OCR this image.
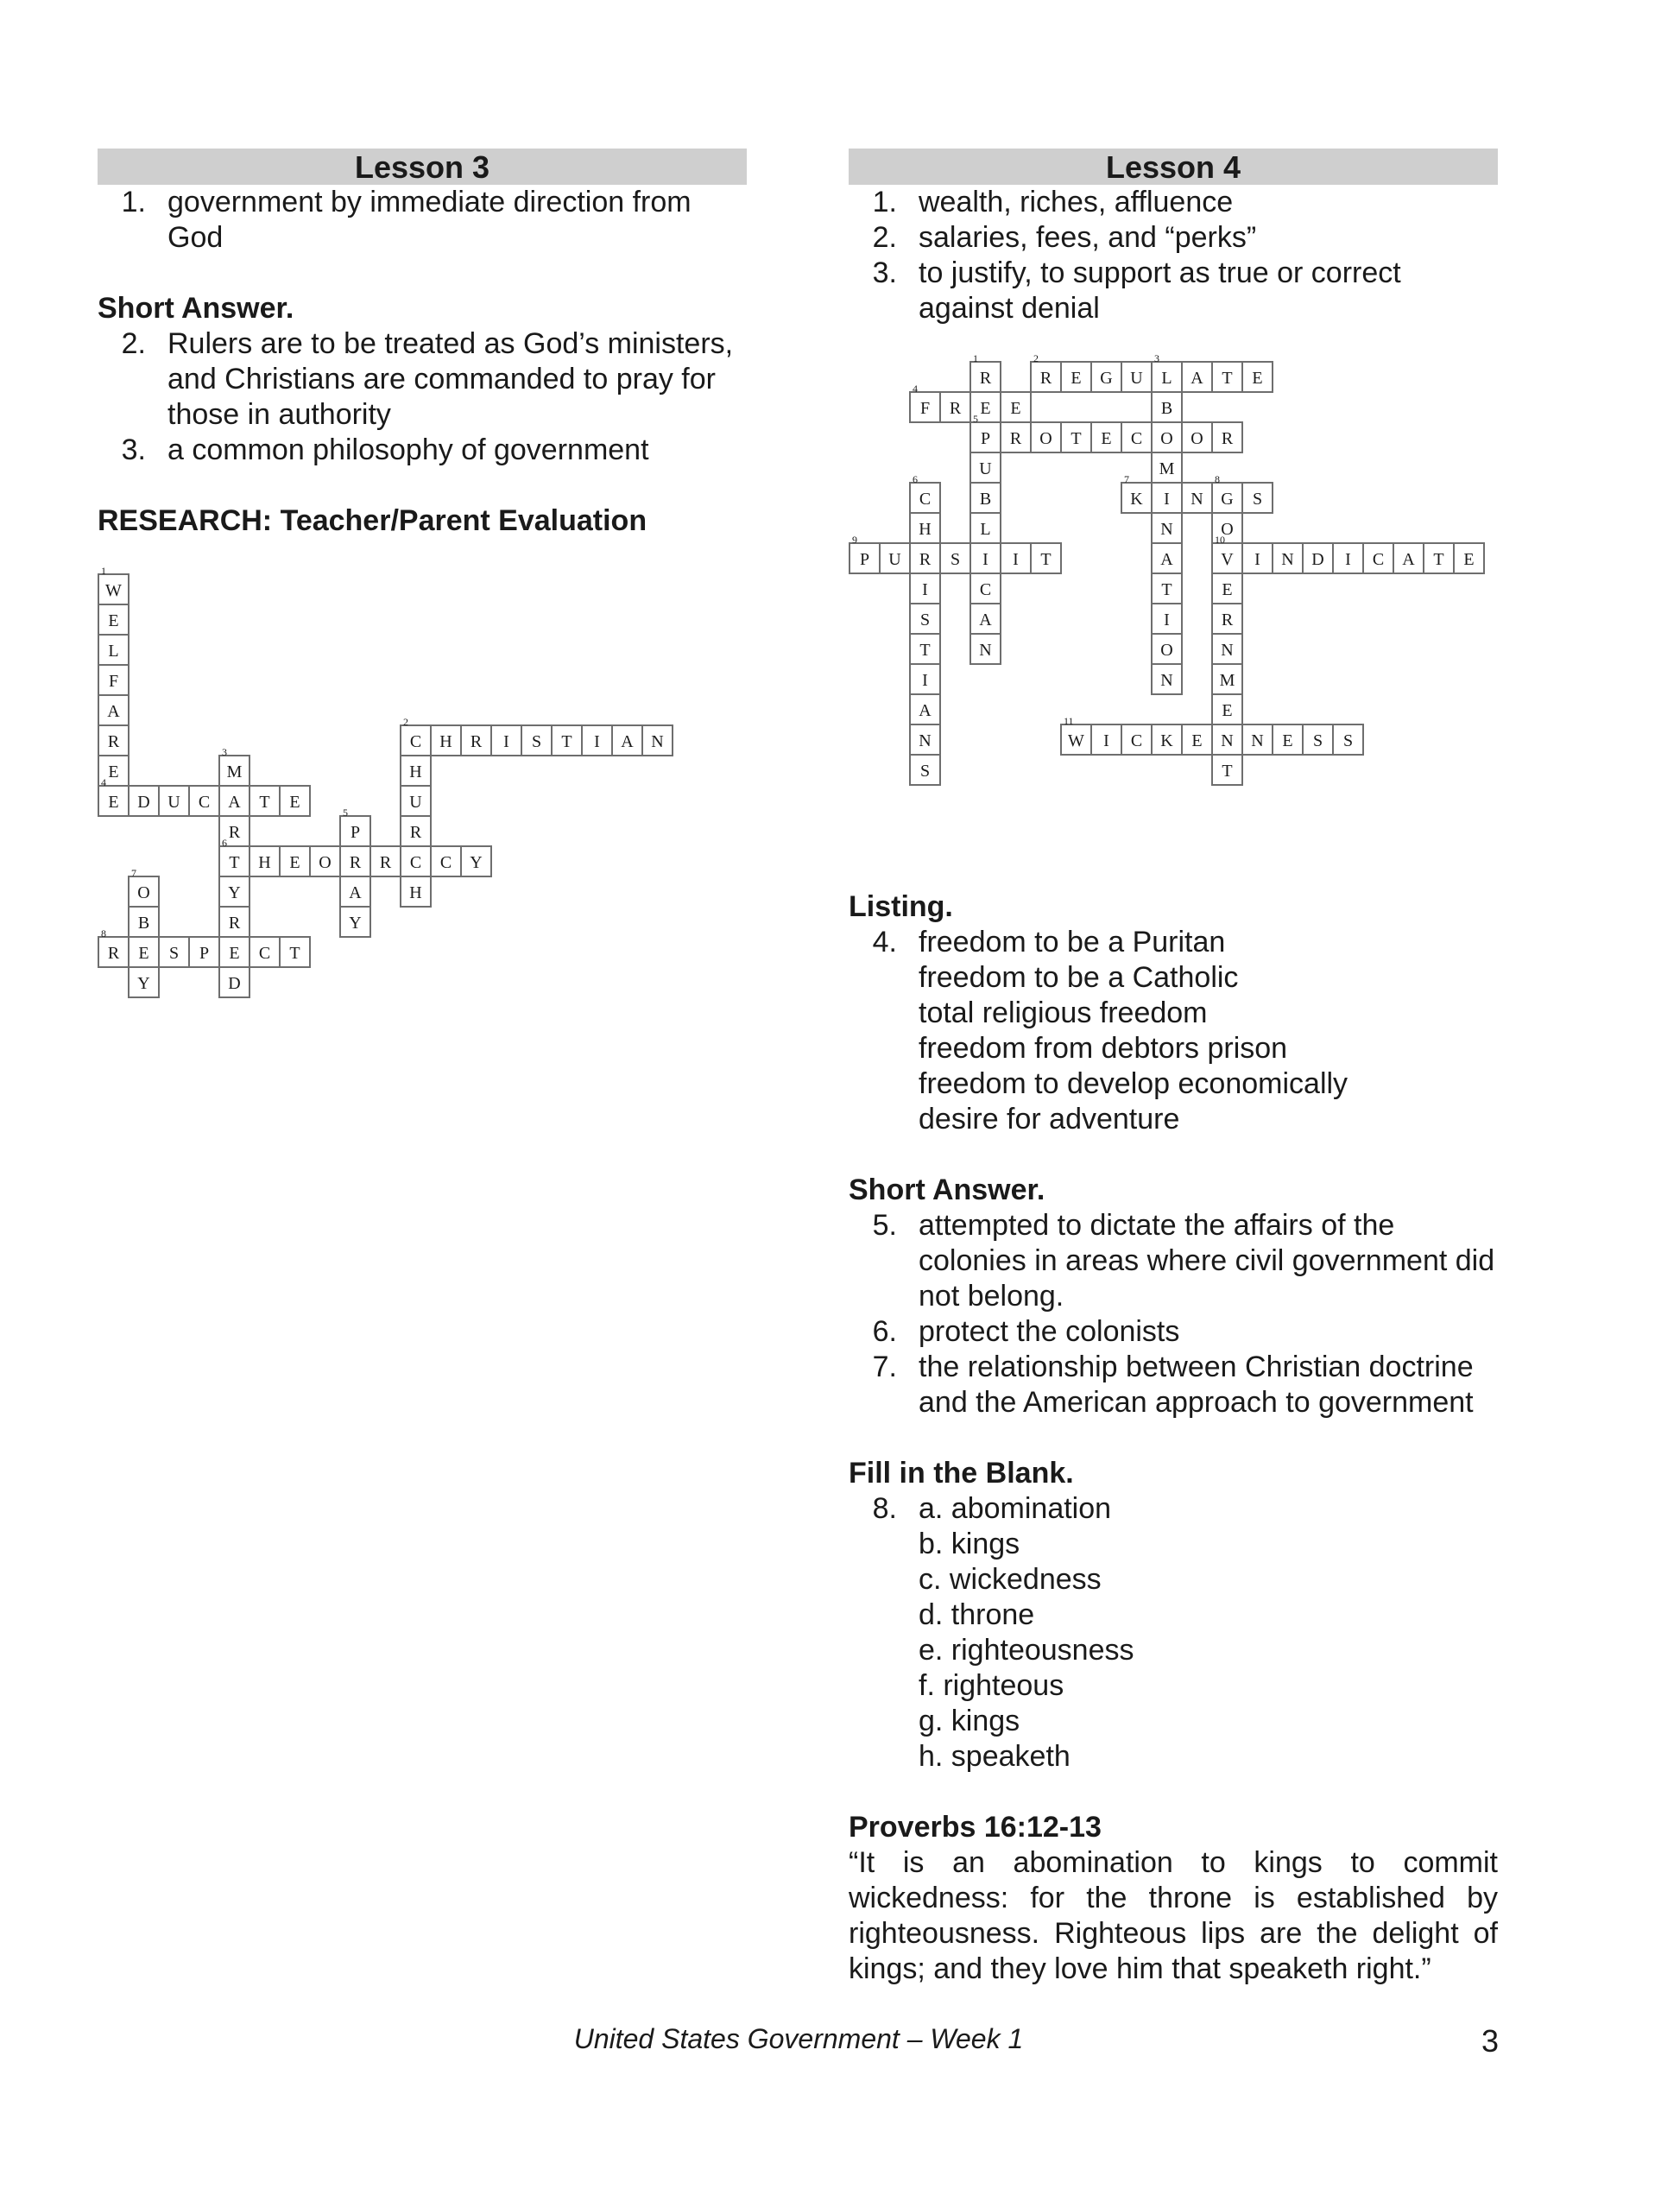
Lesson 3
1. government by immediate direction from God
Short Answer.
2. Rulers are to be treated as God’s ministers, and Christians are commanded to pray for those in authority
3. a common philosophy of government
RESEARCH: Teacher/Parent Evaluation
1
W
E
L
F
A
R
E
2
C	H	R	I	S	T	I	A	N
H
U
R
C
H
3
M
A
R
6
T
Y
R
E
D
4
E	D	U	C	T	E
5
P
R
A
Y
H	E	O	R	C	Y
7
O
B
E
Y
8
R	S	P	C	T
Lesson 4
1. wealth, riches, affluence
2. salaries, fees, and “perks”
3. to justify, to support as true or correct against denial
1
R
E
5
P
U
B
L
I
C
A
N
2
R	E	G	U
3
L	A	T	E
B
O
M
I
N
A
T
I
O
N
4
F	R	E
R	O	T	E	C	O	R
6
C
H
R
I
S
T
I
A
N
S
7
K	N
8
G	S
O
10
V
E
R
N
M
E
N
T
9
P	U	S	I	T	I	N	D	I	C	A	T	E
11
W	I	C	K	E	N	E	S	S
Listing.
4. freedom to be a Puritan
freedom to be a Catholic
total religious freedom
freedom from debtors prison
freedom to develop economically
desire for adventure
Short Answer.
5. attempted to dictate the affairs of the colonies in areas where civil government did not belong.
6. protect the colonists
7. the relationship between Christian doctrine and the American approach to government
Fill in the Blank.
8. a. abomination
b. kings
c. wickedness
d. throne
e. righteousness
f. righteous
g. kings
h. speaketh
Proverbs 16:12-13
“It is an abomination to kings to commit wickedness: for the throne is established by righteousness. Righteous lips are the delight of kings; and they love him that speaketh right.”
United States Government – Week 1	3
